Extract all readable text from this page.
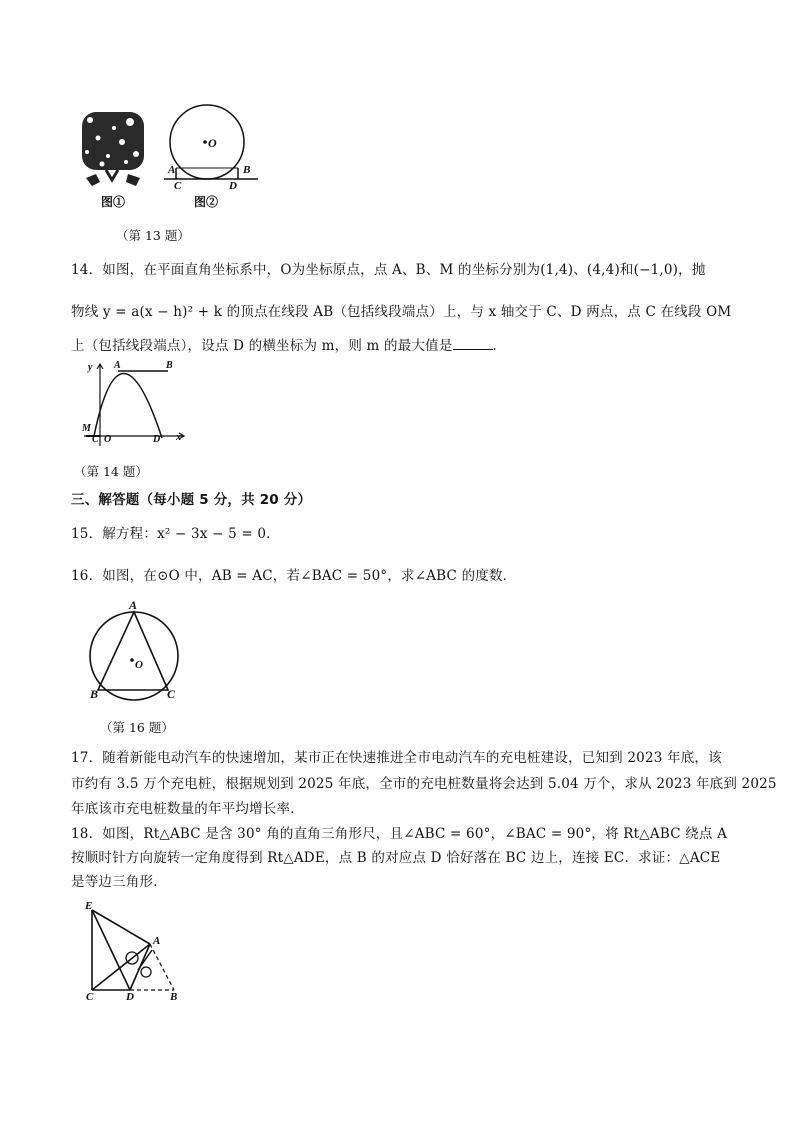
图①
O
A	B
C	D
图②
（第 13 题）
14．如图，在平面直角坐标系中，O为坐标原点，点 A、B、M 的坐标分别为(1,4)、(4,4)和(−1,0)，抛
物线 y = a(x − h)² + k 的顶点在线段 AB（包括线段端点）上，与 x 轴交于 C、D 两点，点 C 在线段 OM
上（包括线段端点），设点 D 的横坐标为 m，则 m 的最大值是	．
y A	B
M
C O	D x
（第 14 题）
三、解答题（每小题 5 分，共 20 分）
15．解方程：x² − 3x − 5 = 0．
16．如图，在⊙O 中，AB = AC，若∠BAC = 50°，求∠ABC 的度数．
A
O
B	C
（第 16 题）
17．随着新能电动汽车的快速增加，某市正在快速推进全市电动汽车的充电桩建设，已知到 2023 年底，该
市约有 3.5 万个充电桩，根据规划到 2025 年底，全市的充电桩数量将会达到 5.04 万个，求从 2023 年底到 2025
年底该市充电桩数量的年平均增长率．
18．如图，Rt△ABC 是含 30° 角的直角三角形尺，且∠ABC = 60°，∠BAC = 90°，将 Rt△ABC 绕点 A
按顺时针方向旋转一定角度得到 Rt△ADE，点 B 的对应点 D 恰好落在 BC 边上，连接 EC．求证：△ACE
是等边三角形．
E
A
C	D	B
